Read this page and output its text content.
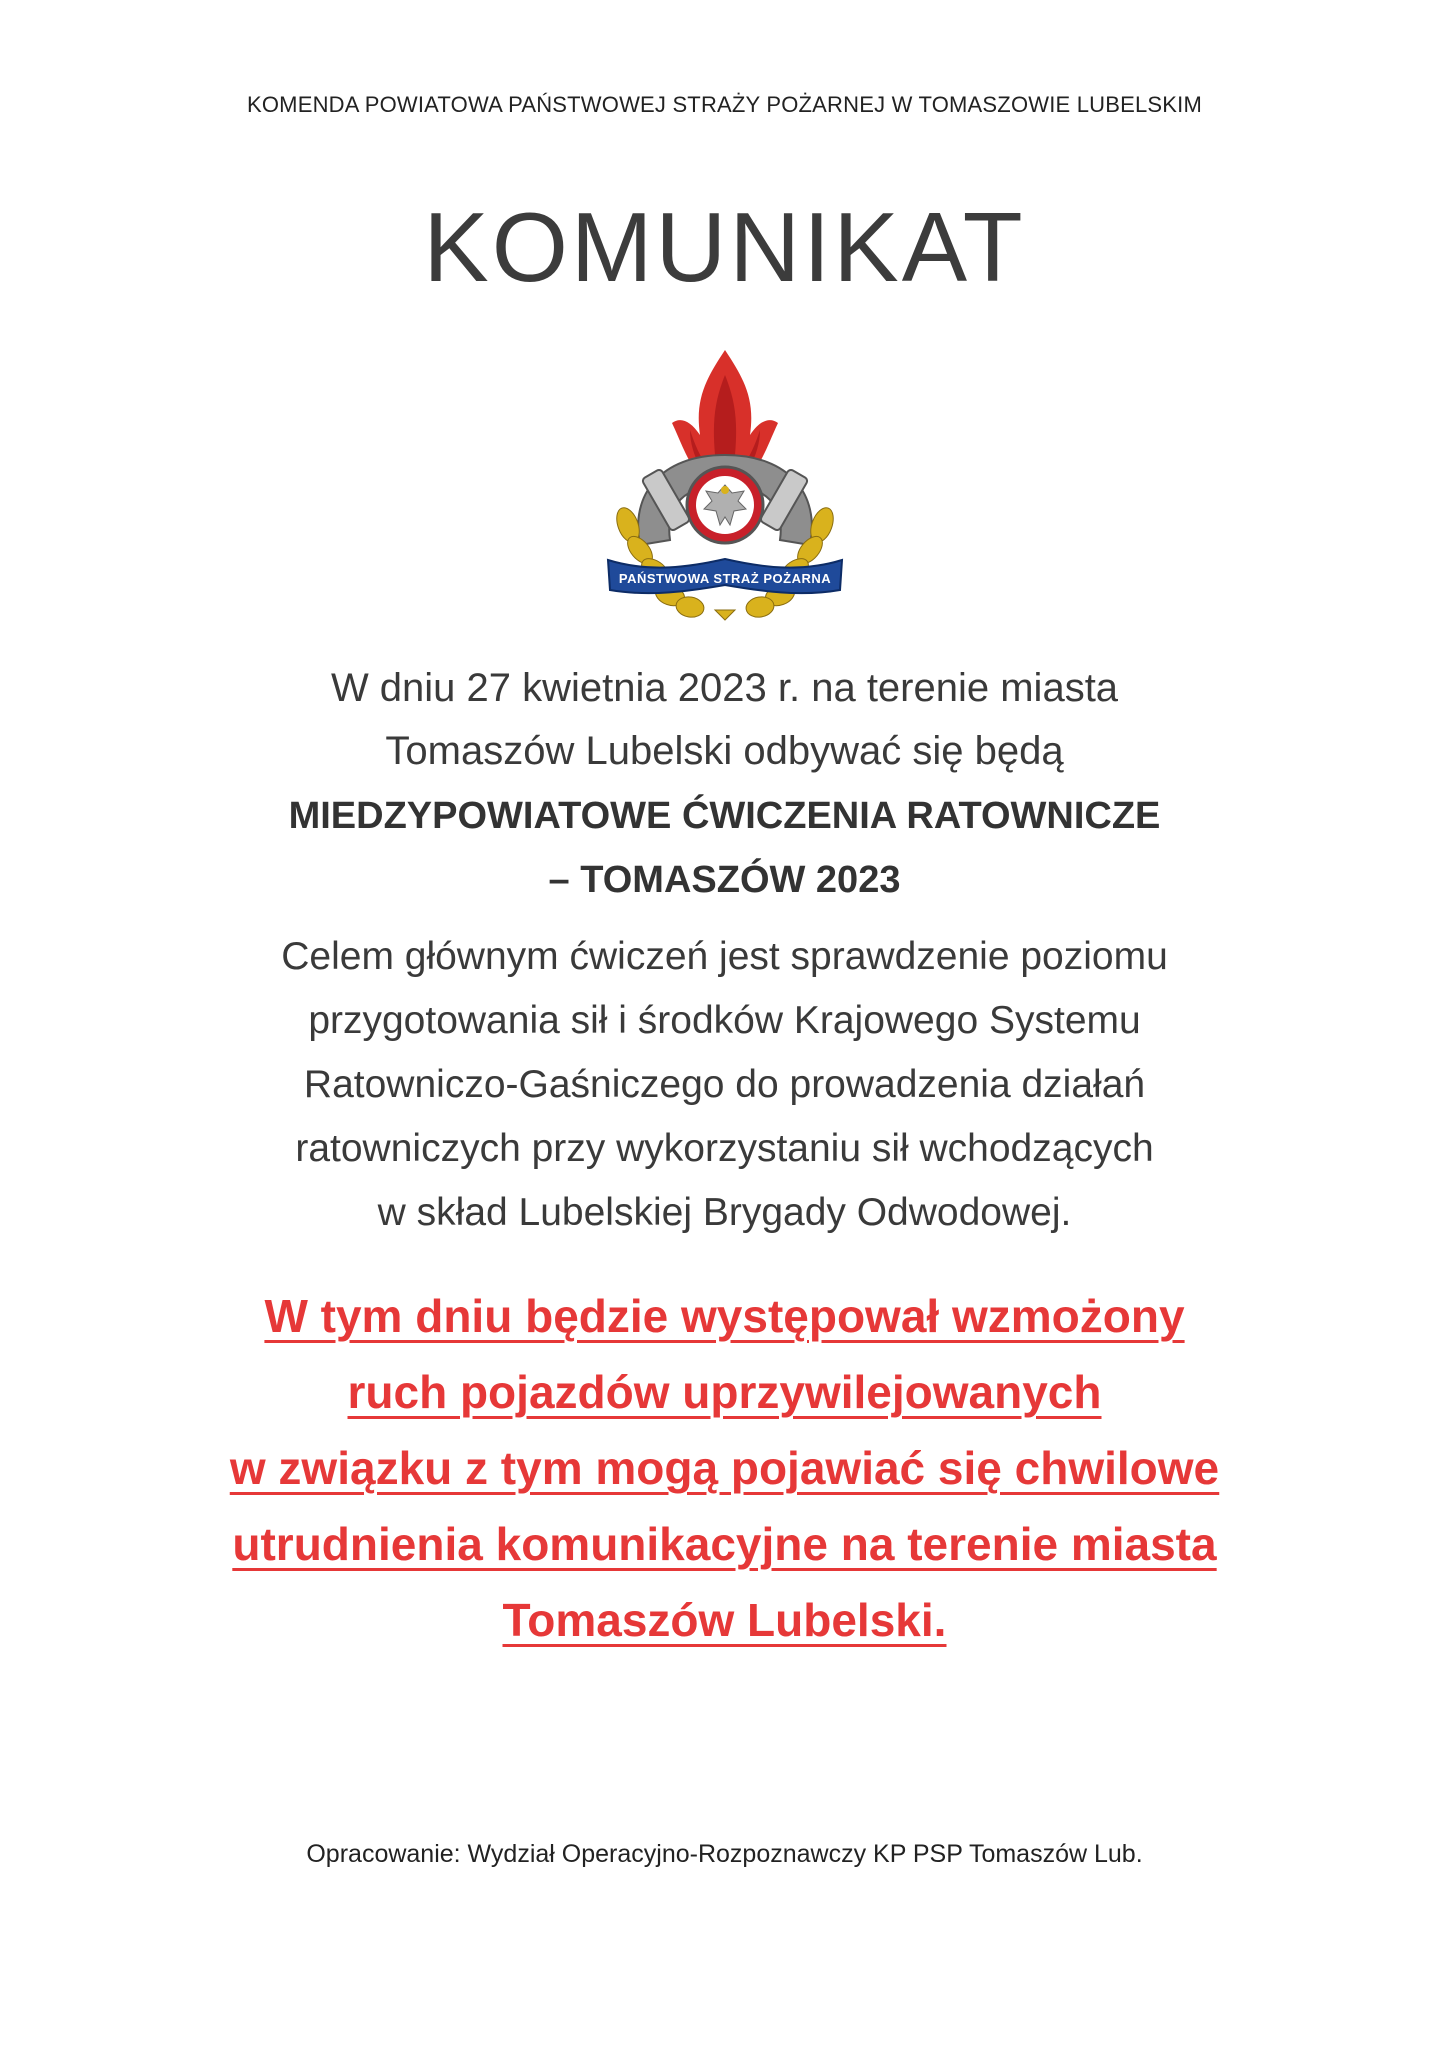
KOMENDA POWIATOWA PAŃSTWOWEJ STRAŻY POŻARNEJ W TOMASZOWIE LUBELSKIM
KOMUNIKAT
PAŃSTWOWA STRAŻ POŻARNA
W dniu 27 kwietnia 2023 r. na terenie miasta
Tomaszów Lubelski odbywać się będą
MIEDZYPOWIATOWE ĆWICZENIA RATOWNICZE
– TOMASZÓW 2023
Celem głównym ćwiczeń jest sprawdzenie poziomu
przygotowania sił i środków Krajowego Systemu
Ratowniczo-Gaśniczego do prowadzenia działań
ratowniczych przy wykorzystaniu sił wchodzących
w skład Lubelskiej Brygady Odwodowej.
W tym dniu będzie występował wzmożony
ruch pojazdów uprzywilejowanych
w związku z tym mogą pojawiać się chwilowe
utrudnienia komunikacyjne na terenie miasta
Tomaszów Lubelski.
Opracowanie: Wydział Operacyjno-Rozpoznawczy KP PSP Tomaszów Lub.
